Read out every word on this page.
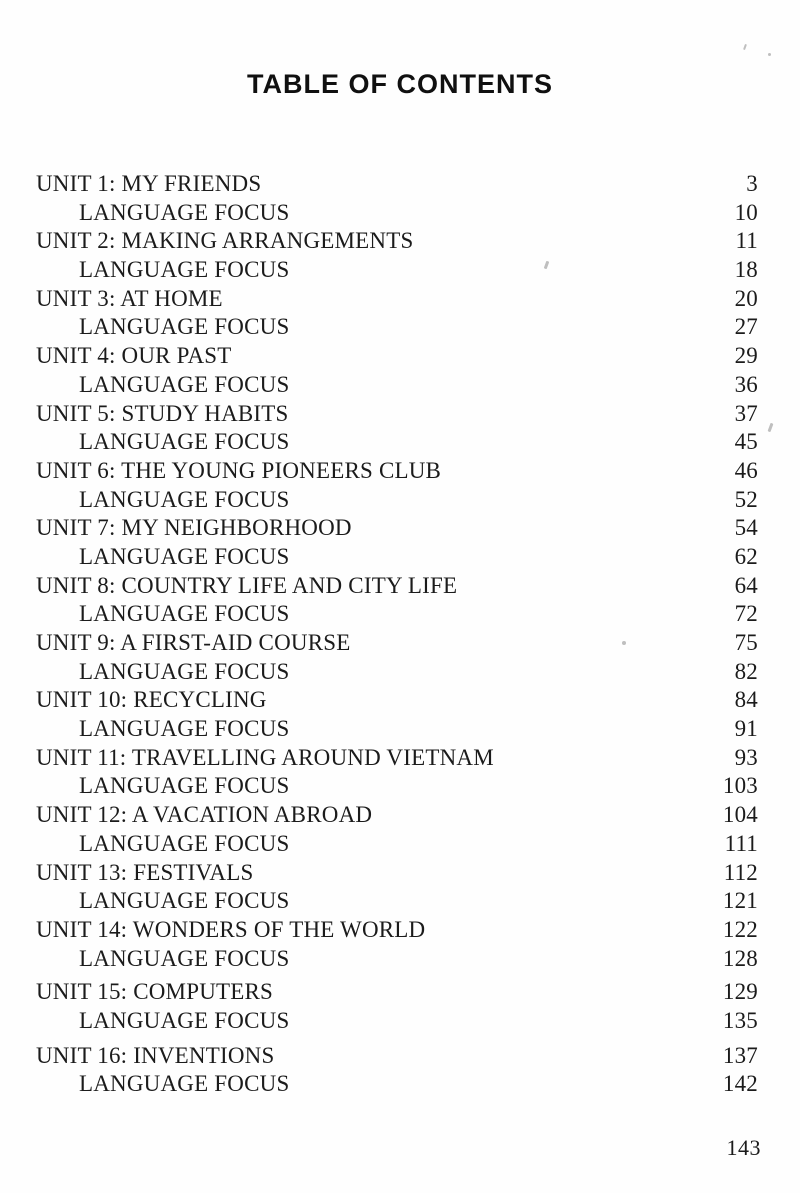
TABLE OF CONTENTS
UNIT 1: MY FRIENDS	3
LANGUAGE FOCUS	10
UNIT 2: MAKING ARRANGEMENTS	11
LANGUAGE FOCUS	18
UNIT 3: AT HOME	20
LANGUAGE FOCUS	27
UNIT 4: OUR PAST	29
LANGUAGE FOCUS	36
UNIT 5: STUDY HABITS	37
LANGUAGE FOCUS	45
UNIT 6: THE YOUNG PIONEERS CLUB	46
LANGUAGE FOCUS	52
UNIT 7: MY NEIGHBORHOOD	54
LANGUAGE FOCUS	62
UNIT 8: COUNTRY LIFE AND CITY LIFE	64
LANGUAGE FOCUS	72
UNIT 9: A FIRST-AID COURSE	75
LANGUAGE FOCUS	82
UNIT 10: RECYCLING	84
LANGUAGE FOCUS	91
UNIT 11: TRAVELLING AROUND VIETNAM	93
LANGUAGE FOCUS	103
UNIT 12: A VACATION ABROAD	104
LANGUAGE FOCUS	111
UNIT 13: FESTIVALS	112
LANGUAGE FOCUS	121
UNIT 14: WONDERS OF THE WORLD	122
LANGUAGE FOCUS	128
UNIT 15: COMPUTERS	129
LANGUAGE FOCUS	135
UNIT 16: INVENTIONS	137
LANGUAGE FOCUS	142
143
